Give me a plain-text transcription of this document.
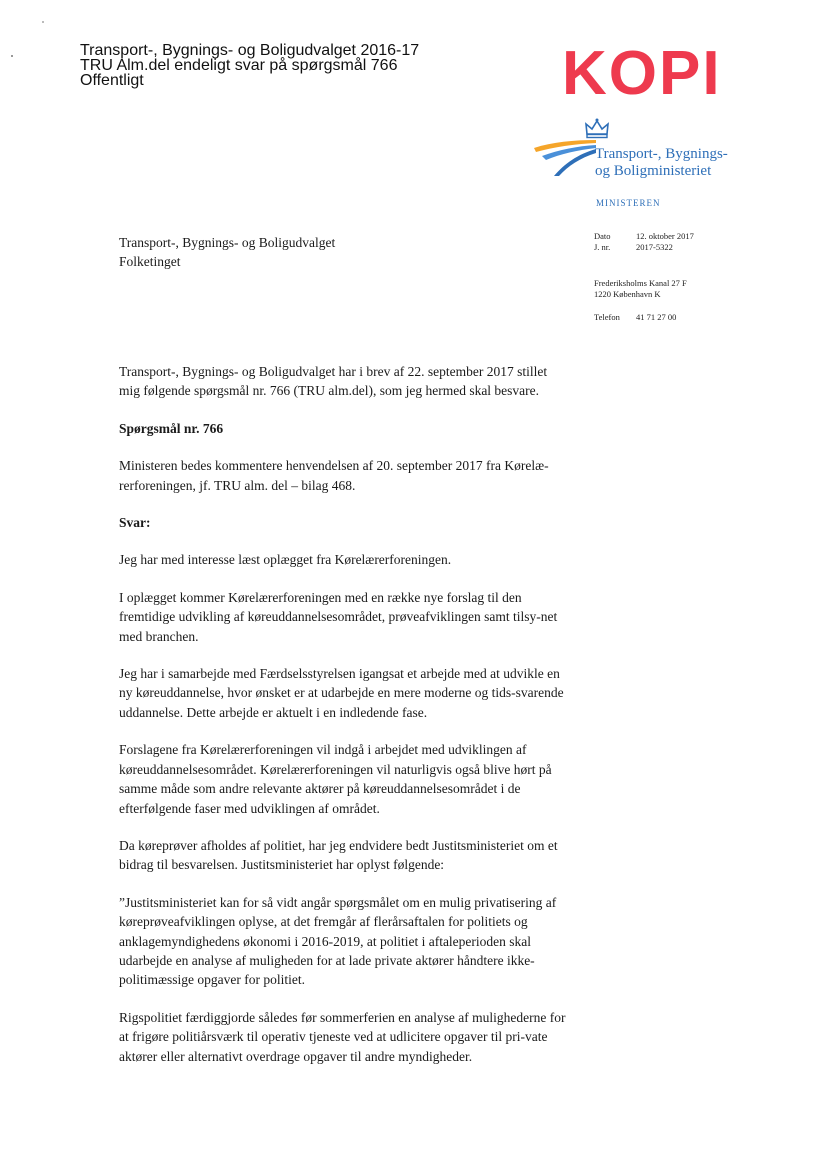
Transport-, Bygnings- og Boligudvalget 2016-17
TRU Alm.del endeligt svar på spørgsmål 766
Offentligt	KOPI
Transport-, Bygnings-
og Boligministeriet
MINISTEREN
Dato	12. oktober 2017
J. nr.	2017-5322
Frederiksholms Kanal 27 F
1220 København K
Telefon 41 71 27 00
Transport-, Bygnings- og Boligudvalget
Folketinget

Transport-, Bygnings- og Boligudvalget har i brev af 22. september 2017 stillet mig følgende spørgsmål nr. 766 (TRU alm.del), som jeg hermed skal besvare.

Spørgsmål nr. 766

Ministeren bedes kommentere henvendelsen af 20. september 2017 fra Kørelæ-rerforeningen, jf. TRU alm. del – bilag 468.

Svar:

Jeg har med interesse læst oplægget fra Kørelærerforeningen.

I oplægget kommer Kørelærerforeningen med en række nye forslag til den fremtidige udvikling af køreuddannelsesområdet, prøveafviklingen samt tilsy-net med branchen.

Jeg har i samarbejde med Færdselsstyrelsen igangsat et arbejde med at udvikle en ny køreuddannelse, hvor ønsket er at udarbejde en mere moderne og tids-svarende uddannelse. Dette arbejde er aktuelt i en indledende fase.

Forslagene fra Kørelærerforeningen vil indgå i arbejdet med udviklingen af køreuddannelsesområdet. Kørelærerforeningen vil naturligvis også blive hørt på samme måde som andre relevante aktører på køreuddannelsesområdet i de efterfølgende faser med udviklingen af området.

Da køreprøver afholdes af politiet, har jeg endvidere bedt Justitsministeriet om et bidrag til besvarelsen. Justitsministeriet har oplyst følgende:

”Justitsministeriet kan for så vidt angår spørgsmålet om en mulig privatisering af køreprøveafviklingen oplyse, at det fremgår af flerårsaftalen for politiets og anklagemyndighedens økonomi i 2016-2019, at politiet i aftaleperioden skal udarbejde en analyse af muligheden for at lade private aktører håndtere ikke-politimæssige opgaver for politiet.

Rigspolitiet færdiggjorde således før sommerferien en analyse af mulighederne for at frigøre politiårsværk til operativ tjeneste ved at udlicitere opgaver til pri-vate aktører eller alternativt overdrage opgaver til andre myndigheder.
